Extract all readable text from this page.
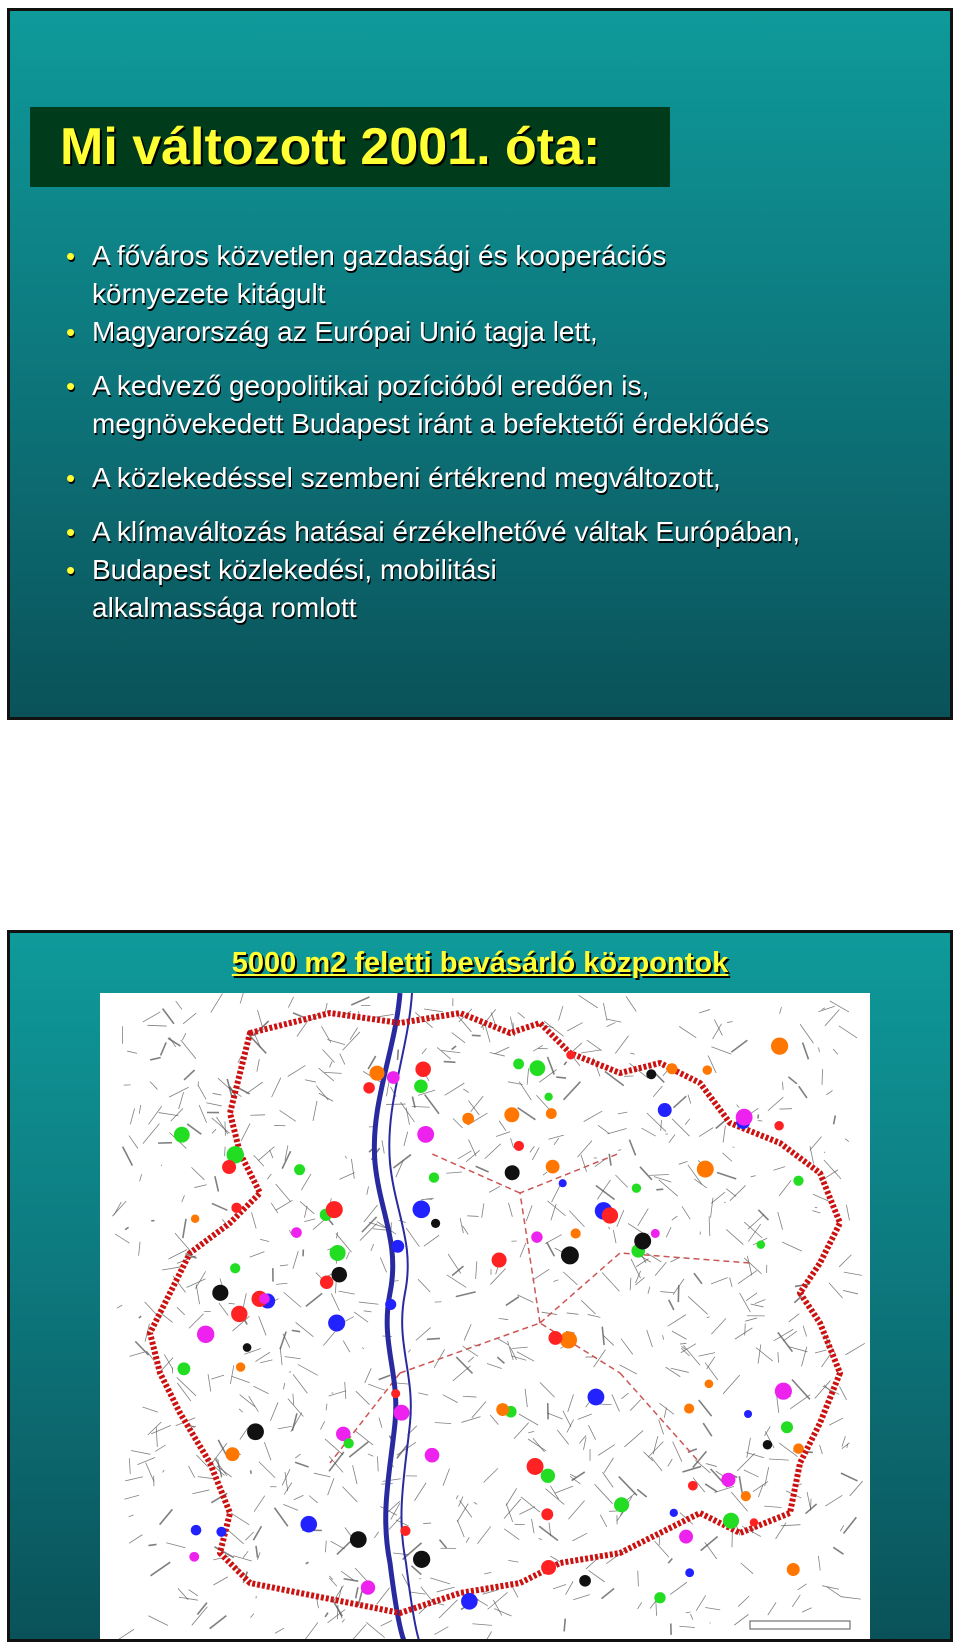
Mi változott 2001. óta:
• A főváros közvetlen gazdasági és kooperációs
környezete kitágult
• Magyarország az Európai Unió tagja lett,
• A kedvező geopolitikai pozícióból eredően is,
megnövekedett Budapest iránt a befektetői érdeklődés
• A közlekedéssel szembeni értékrend megváltozott,
• A klímaváltozás hatásai érzékelhetővé váltak Európában,
• Budapest közlekedési, mobilitási
alkalmassága romlott
5000 m2 feletti bevásárló központok
